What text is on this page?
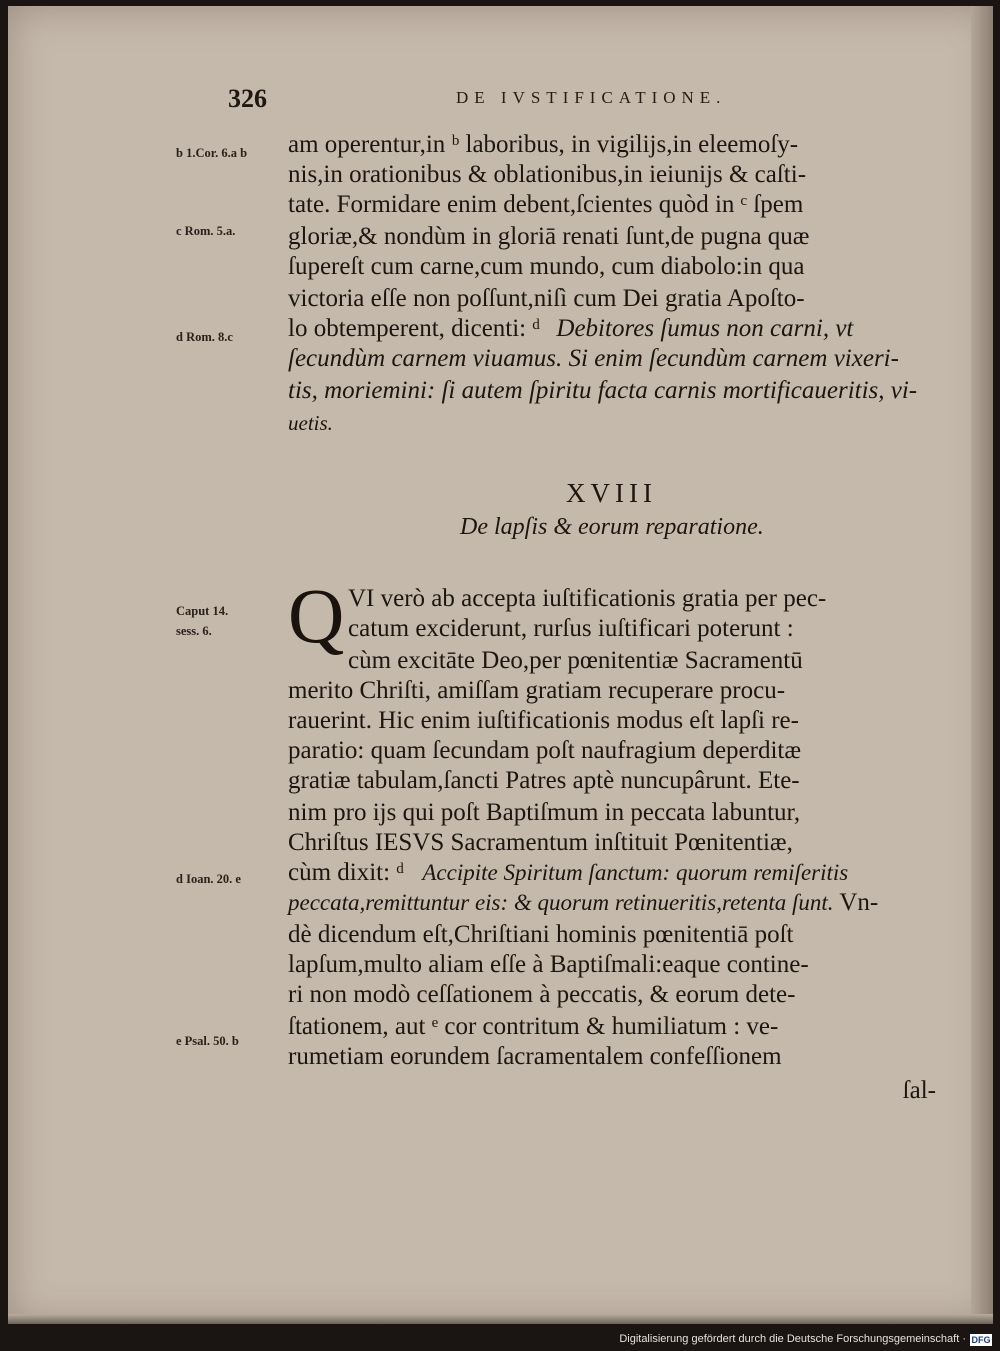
326	DE IVSTIFICATIONE.
b 1.Cor. 6.a b
c Rom. 5.a.
d Rom. 8.c
Caput 14.
sess. 6.
d Ioan. 20. e
e Psal. 50. b
am operentur,in ᵇ laboribus, in vigilijs,in eleemoſy-
nis,in orationibus & oblationibus,in ieiunijs & caſti-
tate. Formidare enim debent,ſcientes quòd in ᶜ ſpem
gloriæ,& nondùm in gloriā renati ſunt,de pugna quæ
ſupereſt cum carne,cum mundo, cum diabolo:in qua
victoria eſſe non poſſunt,niſì cum Dei gratia Apoſto-
lo obtemperent, dicenti: ᵈ Debitores ſumus non carni, vt
ſecundùm carnem viuamus. Si enim ſecundùm carnem vixeri-
tis, moriemini: ſi autem ſpiritu facta carnis mortificaueritis, vi-
uetis.
XVIII
De lapſis & eorum reparatione.
Q VI verò ab accepta iuſtificationis gratia per pec-
catum exciderunt, rurſus iuſtificari poterunt :
cùm excitāte Deo,per pœnitentiæ Sacramentū
merito Chriſti, amiſſam gratiam recuperare procu-
rauerint. Hic enim iuſtificationis modus eſt lapſi re-
paratio: quam ſecundam poſt naufragium deperditæ
gratiæ tabulam,ſancti Patres aptè nuncupârunt. Ete-
nim pro ijs qui poſt Baptiſmum in peccata labuntur,
Chriſtus IESVS Sacramentum inſtituit Pœnitentiæ,
cùm dixit: ᵈ Accipite Spiritum ſanctum: quorum remiſeritis
peccata,remittuntur eis: & quorum retinueritis,retenta ſunt. Vn-
dè dicendum eſt,Chriſtiani hominis pœnitentiā poſt
lapſum,multo aliam eſſe à Baptiſmali:eaque contine-
ri non modò ceſſationem à peccatis, & eorum dete-
ſtationem, aut ᵉ cor contritum & humiliatum : ve-
rumetiam eorundem ſacramentalem confeſſionem
ſal-
Digitalisierung gefördert durch die Deutsche Forschungsgemeinschaft · DFG
